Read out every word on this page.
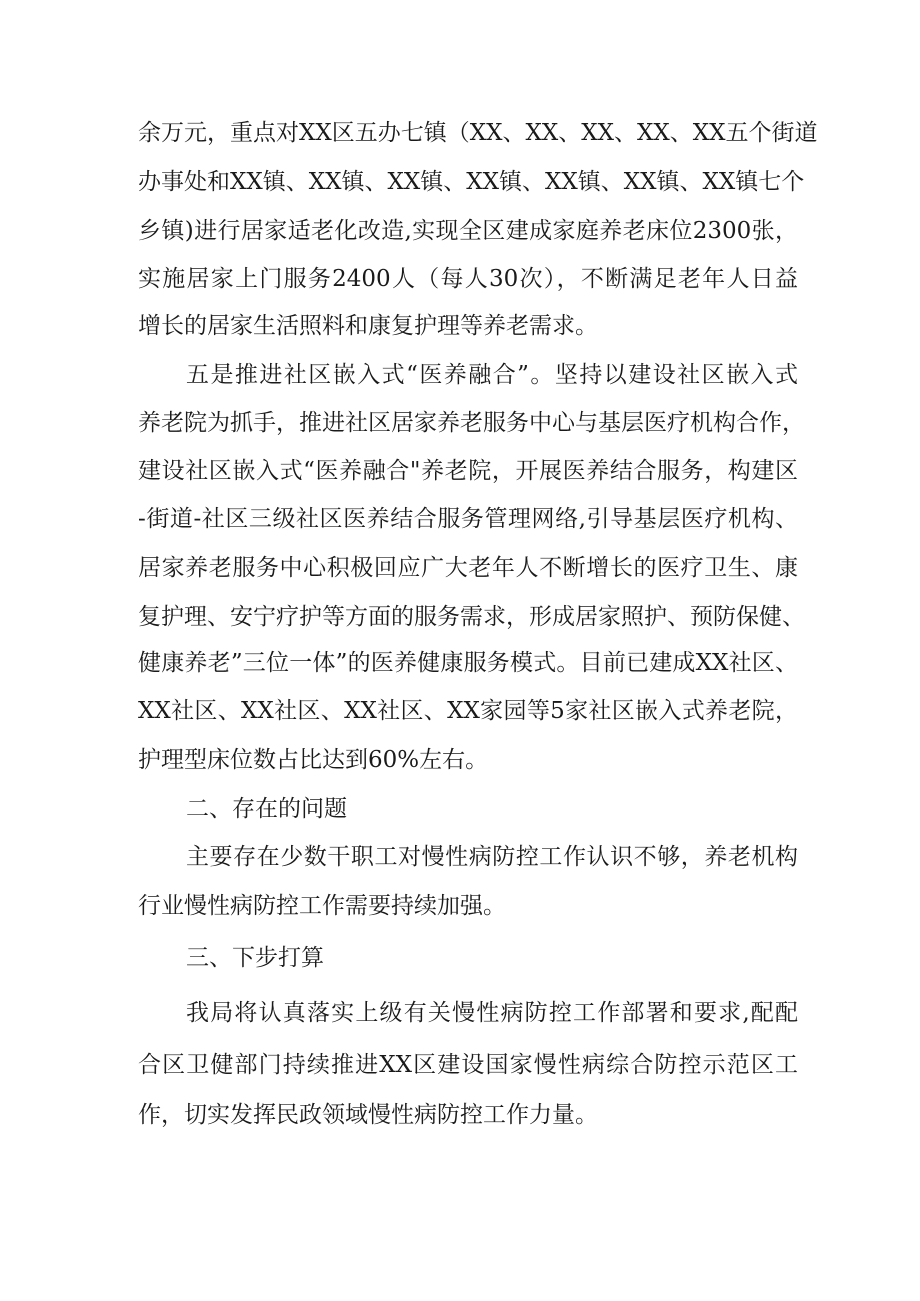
余万元，重点对XX区五办七镇（XX、XX、XX、XX、XX五个街道
办事处和XX镇、XX镇、XX镇、XX镇、XX镇、XX镇、XX镇七个
乡镇)进行居家适老化改造,实现全区建成家庭养老床位2300张，
实施居家上门服务2400人（每人30次），不断满足老年人日益
增长的居家生活照料和康复护理等养老需求。
五是推进社区嵌入式“医养融合”。坚持以建设社区嵌入式
养老院为抓手，推进社区居家养老服务中心与基层医疗机构合作，
建设社区嵌入式“医养融合"养老院，开展医养结合服务，构建区
-街道-社区三级社区医养结合服务管理网络,引导基层医疗机构、
居家养老服务中心积极回应广大老年人不断增长的医疗卫生、康
复护理、安宁疗护等方面的服务需求，形成居家照护、预防保健、
健康养老”三位一体”的医养健康服务模式。目前已建成XX社区、
XX社区、XX社区、XX社区、XX家园等5家社区嵌入式养老院，
护理型床位数占比达到60%左右。
二、存在的问题
主要存在少数干职工对慢性病防控工作认识不够，养老机构
行业慢性病防控工作需要持续加强。
三、下步打算
我局将认真落实上级有关慢性病防控工作部署和要求,配配
合区卫健部门持续推进XX区建设国家慢性病综合防控示范区工
作，切实发挥民政领域慢性病防控工作力量。
